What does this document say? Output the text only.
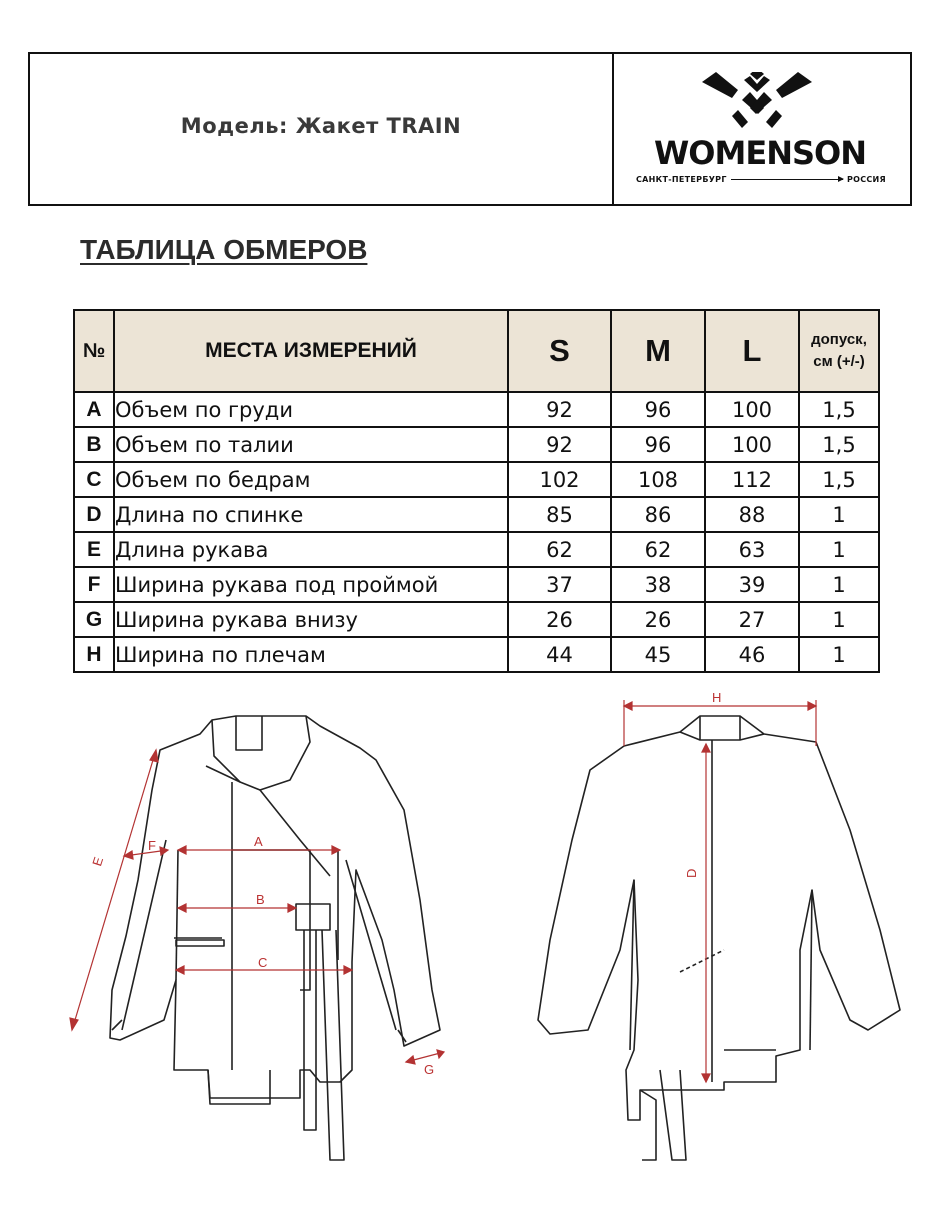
Модель: Жакет TRAIN
WOMENSON
САНКТ-ПЕТЕРБУРГ	РОССИЯ
ТАБЛИЦА ОБМЕРОВ
№	МЕСТА ИЗМЕРЕНИЙ	S	M	L	допуск,
см (+/-)
A	Объем по груди	92	96	100	1,5
B	Объем по талии	92	96	100	1,5
C	Объем по бедрам	102	108	112	1,5
D	Длина по спинке	85	86	88	1
E	Длина рукава	62	62	63	1
F	Ширина рукава под проймой	37	38	39	1
G	Ширина рукава внизу	26	26	27	1
H	Ширина по плечам	44	45	46	1
A
B
C
E
F
G
H
D
